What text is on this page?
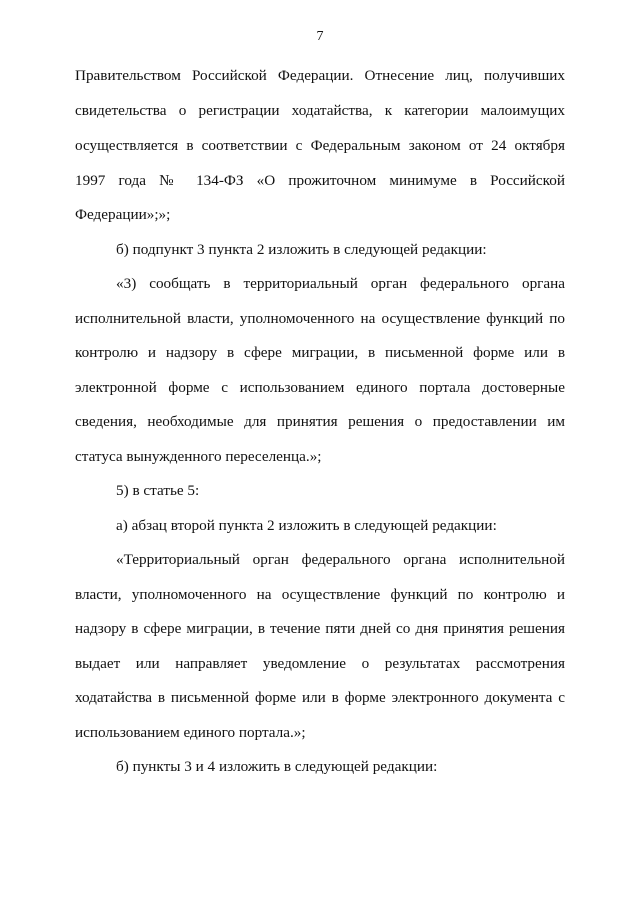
7
Правительством Российской Федерации. Отнесение лиц, получивших
свидетельства о регистрации ходатайства, к категории малоимущих
осуществляется в соответствии с Федеральным законом от 24 октября
1997 года № 134-ФЗ «О прожиточном минимуме в Российской
Федерации»;»;
б) подпункт 3 пункта 2 изложить в следующей редакции:
«3) сообщать в территориальный орган федерального органа
исполнительной власти, уполномоченного на осуществление функций по
контролю и надзору в сфере миграции, в письменной форме или в
электронной форме с использованием единого портала достоверные
сведения, необходимые для принятия решения о предоставлении им
статуса вынужденного переселенца.»;
5) в статье 5:
а) абзац второй пункта 2 изложить в следующей редакции:
«Территориальный орган федерального органа исполнительной
власти, уполномоченного на осуществление функций по контролю и
надзору в сфере миграции, в течение пяти дней со дня принятия решения
выдает или направляет уведомление о результатах рассмотрения
ходатайства в письменной форме или в форме электронного документа с
использованием единого портала.»;
б) пункты 3 и 4 изложить в следующей редакции:
